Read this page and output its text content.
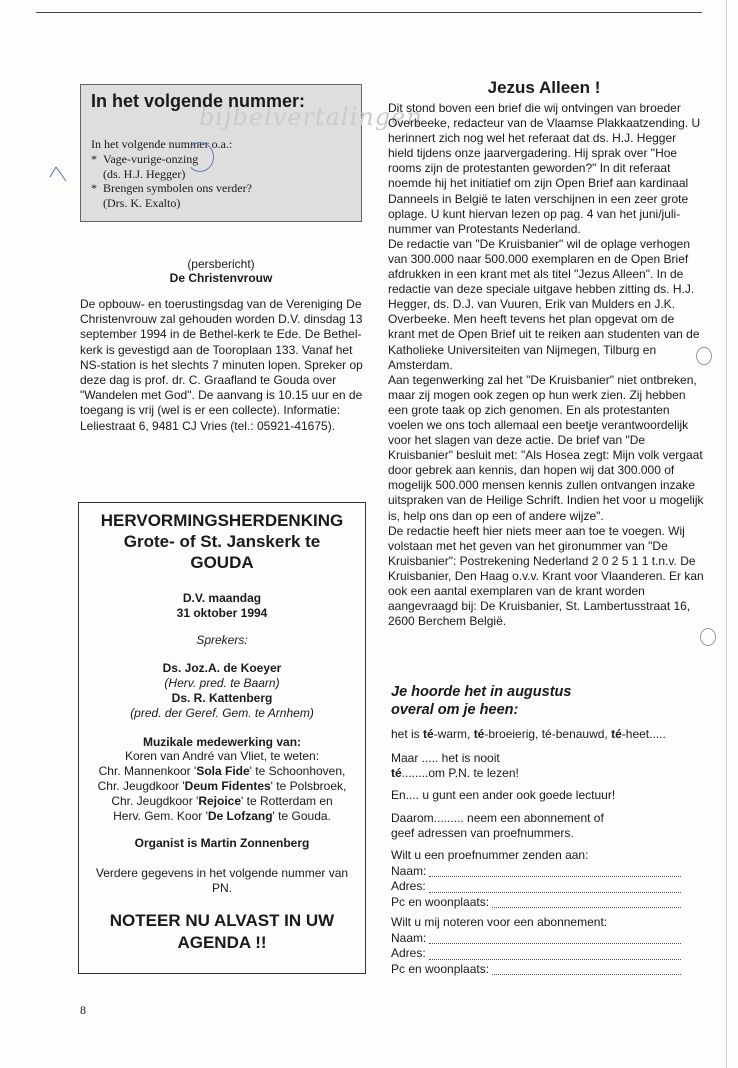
bijbelvertalingen
In het volgende nummer:
In het volgende nummer o.a.:
* Vage-vurige-onzing
(ds. H.J. Hegger)
* Brengen symbolen ons verder?
(Drs. K. Exalto)
(persbericht)
De Christenvrouw

De opbouw- en toerustingsdag van de Vereniging De Christenvrouw zal gehouden worden D.V. dinsdag 13 september 1994 in de Bethel-kerk te Ede. De Bethel-kerk is gevestigd aan de Tooroplaan 133. Vanaf het NS-station is het slechts 7 minuten lopen. Spreker op deze dag is prof. dr. C. Graafland te Gouda over "Wandelen met God". De aanvang is 10.15 uur en de toegang is vrij (wel is er een collecte). Informatie: Leliestraat 6, 9481 CJ Vries (tel.: 05921-41675).

HERVORMINGSHERDENKING
Grote- of St. Janskerk te
GOUDA
D.V. maandag
31 oktober 1994
Sprekers:
Ds. Joz.A. de Koeyer
(Herv. pred. te Baarn)
Ds. R. Kattenberg
(pred. der Geref. Gem. te Arnhem)
Muzikale medewerking van:
Koren van André van Vliet, te weten:
Chr. Mannenkoor 'Sola Fide' te Schoonhoven,
Chr. Jeugdkoor 'Deum Fidentes' te Polsbroek,
Chr. Jeugdkoor 'Rejoice' te Rotterdam en
Herv. Gem. Koor 'De Lofzang' te Gouda.
Organist is Martin Zonnenberg
Verdere gegevens in het volgende nummer van PN.
NOTEER NU ALVAST IN UW
AGENDA !!
8
Jezus Alleen !

Dit stond boven een brief die wij ontvingen van broeder Overbeeke, redacteur van de Vlaamse Plakkaatzending. U herinnert zich nog wel het referaat dat ds. H.J. Hegger hield tijdens onze jaarvergadering. Hij sprak over "Hoe rooms zijn de protestanten geworden?" In dit referaat noemde hij het initiatief om zijn Open Brief aan kardinaal Danneels in België te laten verschijnen in een zeer grote oplage. U kunt hiervan lezen op pag. 4 van het juni/juli-nummer van Protestants Nederland.
De redactie van "De Kruisbanier" wil de oplage verhogen van 300.000 naar 500.000 exemplaren en de Open Brief afdrukken in een krant met als titel "Jezus Alleen". In de redactie van deze speciale uitgave hebben zitting ds. H.J. Hegger, ds. D.J. van Vuuren, Erik van Mulders en J.K. Overbeeke. Men heeft tevens het plan opgevat om de krant met de Open Brief uit te reiken aan studenten van de Katholieke Universiteiten van Nijmegen, Tilburg en Amsterdam.
Aan tegenwerking zal het "De Kruisbanier" niet ontbreken, maar zij mogen ook zegen op hun werk zien. Zij hebben een grote taak op zich genomen. En als protestanten voelen we ons toch allemaal een beetje verantwoordelijk voor het slagen van deze actie. De brief van "De Kruisbanier" besluit met: "Als Hosea zegt: Mijn volk vergaat door gebrek aan kennis, dan hopen wij dat 300.000 of mogelijk 500.000 mensen kennis zullen ontvangen inzake uitspraken van de Heilige Schrift. Indien het voor u mogelijk is, help ons dan op een of andere wijze".
De redactie heeft hier niets meer aan toe te voegen. Wij volstaan met het geven van het gironummer van "De Kruisbanier": Postrekening Nederland 2 0 2 5 1 1 t.n.v. De Kruisbanier, Den Haag o.v.v. Krant voor Vlaanderen. Er kan ook een aantal exemplaren van de krant worden aangevraagd bij: De Kruisbanier, St. Lambertusstraat 16, 2600 Berchem België.

Je hoorde het in augustus
overal om je heen:

het is té-warm, té-broeierig, té-benauwd, té-heet.....

Maar ..... het is nooit
té........om P.N. te lezen!

En.... u gunt een ander ook goede lectuur!

Daarom......... neem een abonnement of geef adressen van proefnummers.

Wilt u een proefnummer zenden aan:
Naam:
Adres:
Pc en woonplaats:
Wilt u mij noteren voor een abonnement:
Naam:
Adres:
Pc en woonplaats:
